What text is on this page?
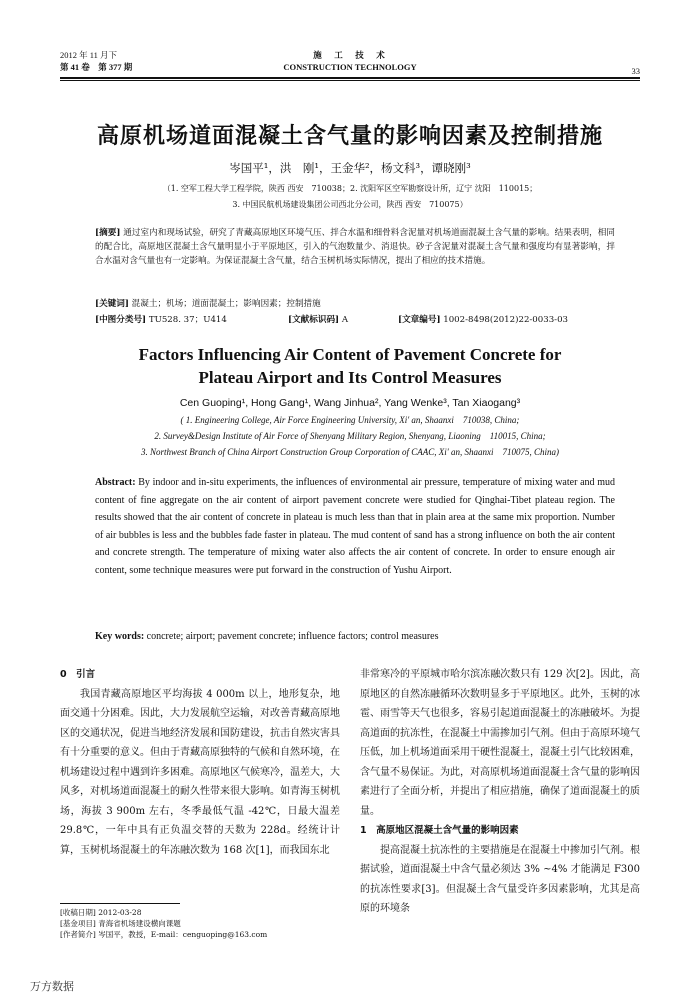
2012 年 11 月下
第 41 卷　第 377 期
施　工　技　术
CONSTRUCTION TECHNOLOGY	33
高原机场道面混凝土含气量的影响因素及控制措施
岑国平¹，洪　刚¹，王金华²，杨文科³，谭晓刚³
（1. 空军工程大学工程学院，陕西 西安　710038；2. 沈阳军区空军勘察设计所，辽宁 沈阳　110015；
3. 中国民航机场建设集团公司西北分公司，陕西 西安　710075）
[摘要] 通过室内和现场试验，研究了青藏高原地区环境气压、拌合水温和细骨料含泥量对机场道面混凝土含气量的影响。结果表明，相同的配合比，高原地区混凝土含气量明显小于平原地区，引入的气泡数量少、消退快。砂子含泥量对混凝土含气量和强度均有显著影响，拌合水温对含气量也有一定影响。为保证混凝土含气量，结合玉树机场实际情况，提出了相应的技术措施。
[关键词] 混凝土；机场；道面混凝土；影响因素；控制措施
[中图分类号] TU528. 37；U414	[文献标识码] A	[文章编号] 1002-8498(2012)22-0033-03
Factors Influencing Air Content of Pavement Concrete for
Plateau Airport and Its Control Measures
Cen Guoping¹, Hong Gang¹, Wang Jinhua², Yang Wenke³, Tan Xiaogang³
( 1. Engineering College, Air Force Engineering University, Xi' an, Shaanxi　710038, China;
2. Survey&Design Institute of Air Force of Shenyang Military Region, Shenyang, Liaoning　110015, China;
3. Northwest Branch of China Airport Construction Group Corporation of CAAC, Xi' an, Shaanxi　710075, China)
Abstract: By indoor and in-situ experiments, the influences of environmental air pressure, temperature of mixing water and mud content of fine aggregate on the air content of airport pavement concrete were studied for Qinghai-Tibet plateau region. The results showed that the air content of concrete in plateau is much less than that in plain area at the same mix proportion. Number of air bubbles is less and the bubbles fade faster in plateau. The mud content of sand has a strong influence on both the air content and concrete strength. The temperature of mixing water also affects the air content of concrete. In order to ensure enough air content, some technique measures were put forward in the construction of Yushu Airport.
Key words: concrete; airport; pavement concrete; influence factors; control measures

0　引言

我国青藏高原地区平均海拔 4 000m 以上，地形复杂，地面交通十分困难。因此，大力发展航空运输，对改善青藏高原地区的交通状况，促进当地经济发展和国防建设，抗击自然灾害具有十分重要的意义。但由于青藏高原独特的气候和自然环境，在机场建设过程中遇到许多困难。高原地区气候寒冷，温差大，大风多，对机场道面混凝土的耐久性带来很大影响。如青海玉树机场，海拔 3 900m 左右，冬季最低气温 -42℃，日最大温差 29.8℃，一年中具有正负温交替的天数为 228d。经统计计算，玉树机场混凝土的年冻融次数为 168 次[1]，而我国东北

[收稿日期] 2012-03-28
[基金项目] 青海省机场建设横向课题
[作者简介] 岑国平，教授，E-mail：cenguoping@163.com

非常寒冷的平原城市哈尔滨冻融次数只有 129 次[2]。因此，高原地区的自然冻融循环次数明显多于平原地区。此外，玉树的冰雹、雨雪等天气也很多，容易引起道面混凝土的冻融破坏。为提高道面的抗冻性，在混凝土中需掺加引气剂。但由于高原环境气压低，加上机场道面采用干硬性混凝土，混凝土引气比较困难，含气量不易保证。为此，对高原机场道面混凝土含气量的影响因素进行了全面分析，并提出了相应措施，确保了道面混凝土的质量。

1　高原地区混凝土含气量的影响因素

提高混凝土抗冻性的主要措施是在混凝土中掺加引气剂。根据试验，道面混凝土中含气量必须达 3% ~4% 才能满足 F300 的抗冻性要求[3]。但混凝土含气量受许多因素影响，尤其是高原的环境条

万方数据
